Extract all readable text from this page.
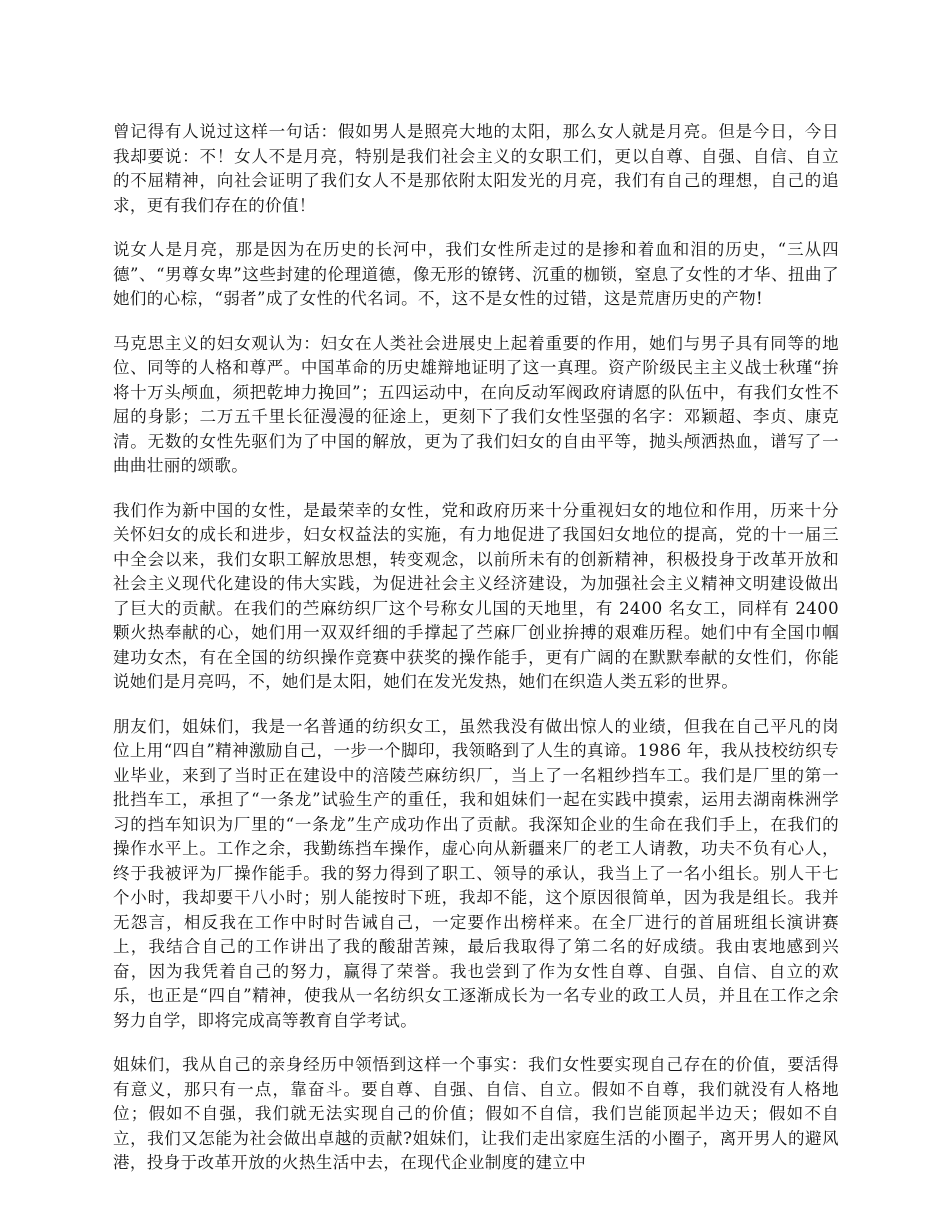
曾记得有人说过这样一句话：假如男人是照亮大地的太阳，那么女人就是月亮。但是今日，今日我却要说：不！女人不是月亮，特别是我们社会主义的女职工们，更以自尊、自强、自信、自立的不屈精神，向社会证明了我们女人不是那依附太阳发光的月亮，我们有自己的理想，自己的追求，更有我们存在的价值！

说女人是月亮，那是因为在历史的长河中，我们女性所走过的是掺和着血和泪的历史，“三从四德”、“男尊女卑”这些封建的伦理道德，像无形的镣铐、沉重的枷锁，窒息了女性的才华、扭曲了她们的心棕，“弱者”成了女性的代名词。不，这不是女性的过错，这是荒唐历史的产物!

马克思主义的妇女观认为：妇女在人类社会进展史上起着重要的作用，她们与男子具有同等的地位、同等的人格和尊严。中国革命的历史雄辩地证明了这一真理。资产阶级民主主义战士秋瑾“拚将十万头颅血，须把乾坤力挽回”；五四运动中，在向反动军阀政府请愿的队伍中，有我们女性不屈的身影；二万五千里长征漫漫的征途上，更刻下了我们女性坚强的名字：邓颖超、李贞、康克清。无数的女性先驱们为了中国的解放，更为了我们妇女的自由平等，抛头颅洒热血，谱写了一曲曲壮丽的颂歌。

我们作为新中国的女性，是最荣幸的女性，党和政府历来十分重视妇女的地位和作用，历来十分关怀妇女的成长和进步，妇女权益法的实施，有力地促进了我国妇女地位的提高，党的十一届三中全会以来，我们女职工解放思想，转变观念，以前所未有的创新精神，积极投身于改革开放和社会主义现代化建设的伟大实践，为促进社会主义经济建设，为加强社会主义精神文明建设做出了巨大的贡献。在我们的苎麻纺织厂这个号称女儿国的天地里，有 2400 名女工，同样有 2400 颗火热奉献的心，她们用一双双纤细的手撑起了苎麻厂创业拚搏的艰难历程。她们中有全国巾帼建功女杰，有在全国的纺织操作竞赛中获奖的操作能手，更有广阔的在默默奉献的女性们，你能说她们是月亮吗，不，她们是太阳，她们在发光发热，她们在织造人类五彩的世界。

朋友们，姐妹们，我是一名普通的纺织女工，虽然我没有做出惊人的业绩，但我在自己平凡的岗位上用“四自”精神激励自己，一步一个脚印，我领略到了人生的真谛。1986 年，我从技校纺织专业毕业，来到了当时正在建设中的涪陵苎麻纺织厂，当上了一名粗纱挡车工。我们是厂里的第一批挡车工，承担了“一条龙”试验生产的重任，我和姐妹们一起在实践中摸索，运用去湖南株洲学习的挡车知识为厂里的“一条龙”生产成功作出了贡献。我深知企业的生命在我们手上，在我们的操作水平上。工作之余，我勤练挡车操作，虚心向从新疆来厂的老工人请教，功夫不负有心人，终于我被评为厂操作能手。我的努力得到了职工、领导的承认，我当上了一名小组长。别人干七个小时，我却要干八小时；别人能按时下班，我却不能，这个原因很简单，因为我是组长。我并无怨言，相反我在工作中时时告诫自己，一定要作出榜样来。在全厂进行的首届班组长演讲赛上，我结合自己的工作讲出了我的酸甜苦辣，最后我取得了第二名的好成绩。我由衷地感到兴奋，因为我凭着自己的努力，赢得了荣誉。我也尝到了作为女性自尊、自强、自信、自立的欢乐，也正是“四自”精神，使我从一名纺织女工逐渐成长为一名专业的政工人员，并且在工作之余努力自学，即将完成高等教育自学考试。

姐妹们，我从自己的亲身经历中领悟到这样一个事实：我们女性要实现自己存在的价值，要活得有意义，那只有一点，靠奋斗。要自尊、自强、自信、自立。假如不自尊，我们就没有人格地位；假如不自强，我们就无法实现自己的价值；假如不自信，我们岂能顶起半边天；假如不自立，我们又怎能为社会做出卓越的贡献?姐妹们，让我们走出家庭生活的小圈子，离开男人的避风港，投身于改革开放的火热生活中去，在现代企业制度的建立中
